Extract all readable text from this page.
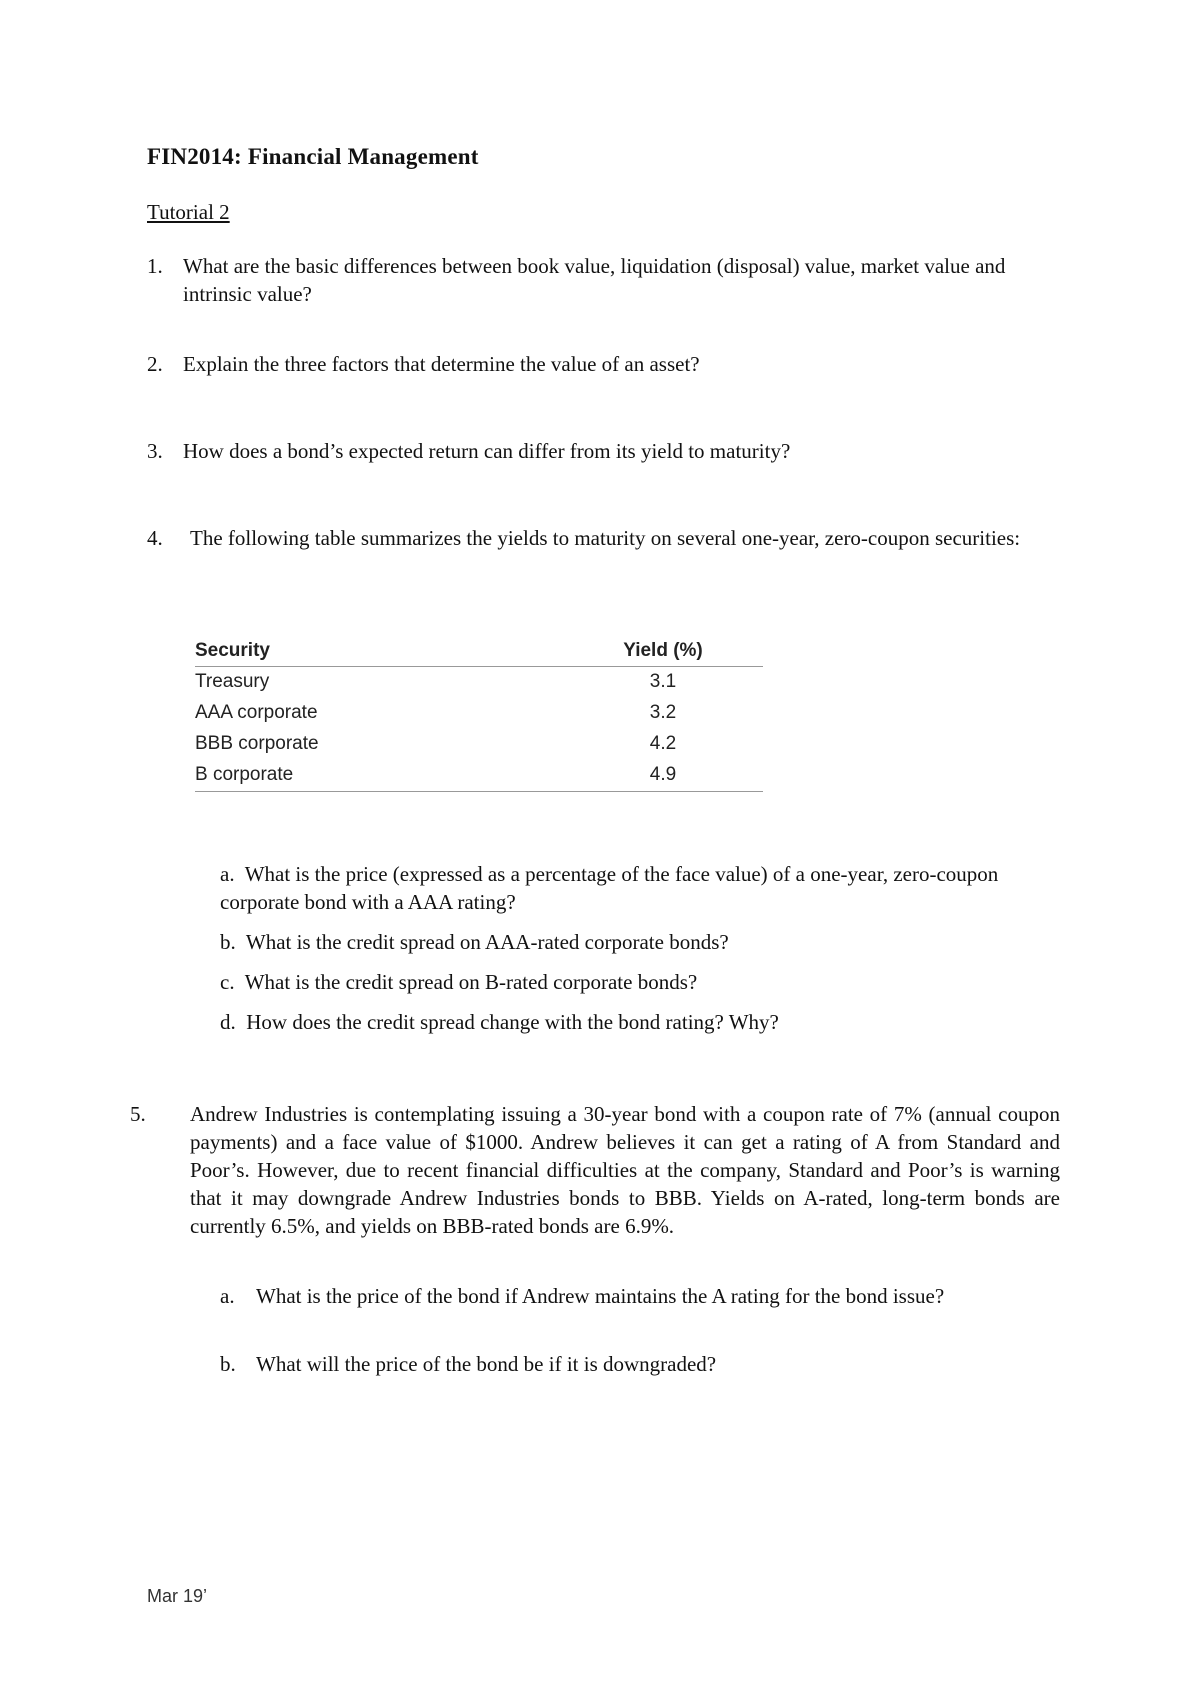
FIN2014: Financial Management
Tutorial 2
1. What are the basic differences between book value, liquidation (disposal) value, market value and intrinsic value?
2. Explain the three factors that determine the value of an asset?
3. How does a bond’s expected return can differ from its yield to maturity?
4.	The following table summarizes the yields to maturity on several one-year, zero-coupon securities:
Security	Yield (%)
Treasury	3.1
AAA corporate	3.2
BBB corporate	4.2
B corporate	4.9
a. What is the price (expressed as a percentage of the face value) of a one-year, zero-coupon corporate bond with a AAA rating?
b. What is the credit spread on AAA-rated corporate bonds?
c. What is the credit spread on B-rated corporate bonds?
d. How does the credit spread change with the bond rating? Why?
5.	Andrew Industries is contemplating issuing a 30-year bond with a coupon rate of 7% (annual coupon payments) and a face value of $1000. Andrew believes it can get a rating of A from Standard and Poor’s. However, due to recent financial difficulties at the company, Standard and Poor’s is warning that it may downgrade Andrew Industries bonds to BBB. Yields on A-rated, long-term bonds are currently 6.5%, and yields on BBB-rated bonds are 6.9%.
a.	What is the price of the bond if Andrew maintains the A rating for the bond issue?
b. What will the price of the bond be if it is downgraded?
Mar 19’
